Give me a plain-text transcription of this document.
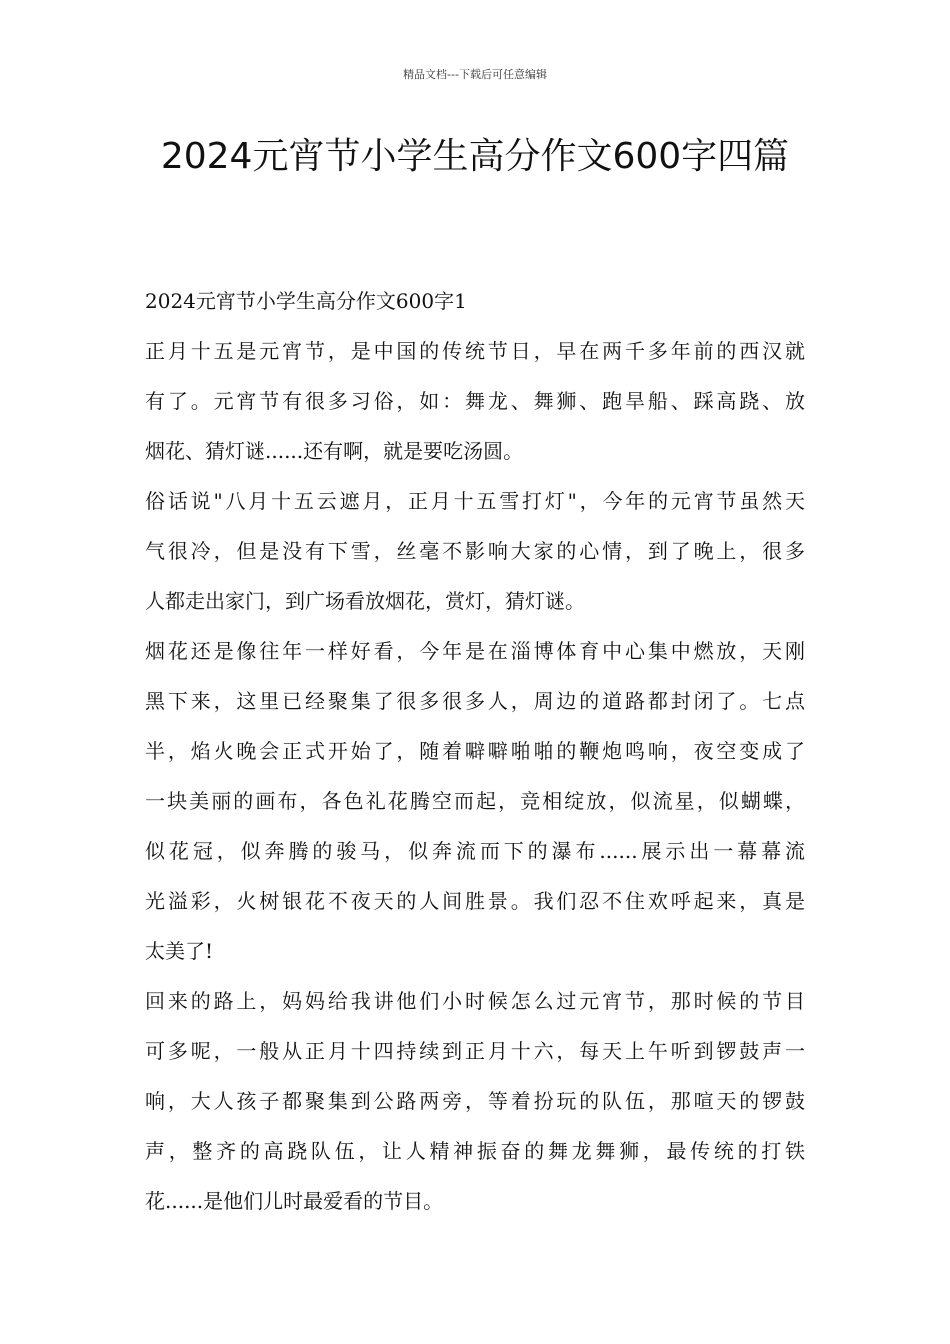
精品文档---下载后可任意编辑
2024元宵节小学生高分作文600字四篇
2024元宵节小学生高分作文600字1
正月十五是元宵节，是中国的传统节日，早在两千多年前的西汉就
有了。元宵节有很多习俗，如：舞龙、舞狮、跑旱船、踩高跷、放
烟花、猜灯谜......还有啊，就是要吃汤圆。
俗话说"八月十五云遮月，正月十五雪打灯"，今年的元宵节虽然天
气很冷，但是没有下雪，丝毫不影响大家的心情，到了晚上，很多
人都走出家门，到广场看放烟花，赏灯，猜灯谜。
烟花还是像往年一样好看，今年是在淄博体育中心集中燃放，天刚
黑下来，这里已经聚集了很多很多人，周边的道路都封闭了。七点
半，焰火晚会正式开始了，随着噼噼啪啪的鞭炮鸣响，夜空变成了
一块美丽的画布，各色礼花腾空而起，竞相绽放，似流星，似蝴蝶，
似花冠，似奔腾的骏马，似奔流而下的瀑布......展示出一幕幕流
光溢彩，火树银花不夜天的人间胜景。我们忍不住欢呼起来，真是
太美了!
回来的路上，妈妈给我讲他们小时候怎么过元宵节，那时候的节目
可多呢，一般从正月十四持续到正月十六，每天上午听到锣鼓声一
响，大人孩子都聚集到公路两旁，等着扮玩的队伍，那喧天的锣鼓
声，整齐的高跷队伍，让人精神振奋的舞龙舞狮，最传统的打铁
花......是他们儿时最爱看的节目。
